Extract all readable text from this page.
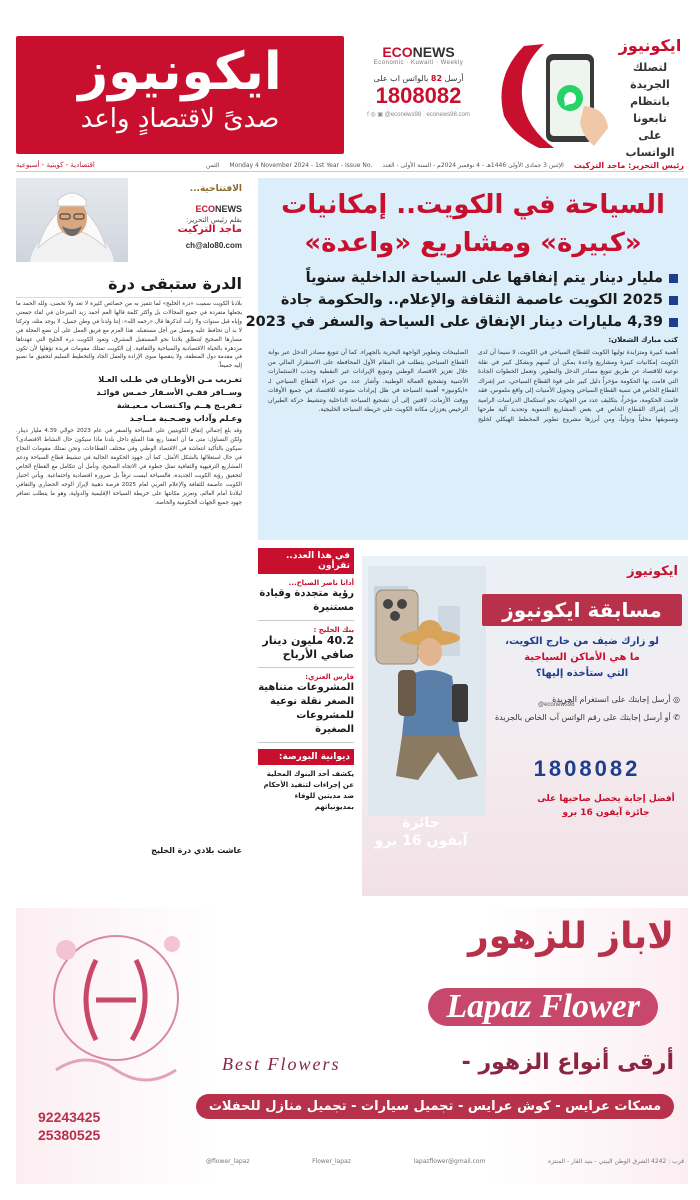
ايكونيوز
صدىً لاقتصادٍ واعد
ECONEWS
Economic · Kuwaiti · Weekly
أرسل 82 بالواتس اب على
1808082
f ◎ ▣ @econews98 · econews98.com
ايكونيوز
لتصلك الجريدة
بانتظام
تابعونا
على الواتساب
رئيس التحرير: ماجد التركيت
الإثنين 3 جمادى الأولى 1446هـ - 4 نوفمبر 2024م - السنة الأولى - العدد
Monday 4 November 2024 - 1st Year - Issue No.
الثمن
اقتصادية - كويتية - أسبوعية
السياحة في الكويت.. إمكانيات
«كبيرة» ومشاريع «واعدة»
مليار دينار يتم إنفاقها على السياحة الداخلية سنوياً
2025 الكويت عاصمة الثقافة والإعلام.. والحكومة جادة
4,39 مليارات دينار الإنفاق على السياحة والسفر في 2023
كتب مبارك الشعلان:
أهمية كبيرة ومتزايدة توليها الكويت للقطاع السياحي في الكويت، لا سيما أن لدى الكويت إمكانيات كبيرة ومشاريع واعدة يمكن أن تُسهم وبشكل كبير في نقلة نوعية للاقتصاد عن طريق تنويع مصادر الدخل والتطوير. وتعمل الخطوات الجادة التي قامت بها الحكومة مؤخراً دليل كبير على قوة القطاع السياحي، عبر إشراك القطاع الخاص في تنمية القطاع السياحي وتحويل الأمنيات إلى واقع ملموس. فقد قامت الحكومة، مؤخراً، بتكليف عدد من الجهات نحو استكمال الدراسات الرامية إلى إشراك القطاع الخاص في بعض المشاريع التنموية وتحديد آلية طرحها وتسويقها محلياً ودولياً، ومن أبرزها مشروع تطوير المخطط الهيكلي لخليج الصليبخات وتطوير الواجهة البحرية بالجهراء. كما أن تنويع مصادر الدخل عبر بوابة القطاع السياحي يتطلب في المقام الأول المحافظة على الاستقرار المالي من خلال تعزيز الاقتصاد الوطني وتنويع الإيرادات غير النفطية وجذب الاستثمارات الأجنبية وتشجيع العمالة الوطنية. وأشار عدد من خبراء القطاع السياحي لـ «ايكونيوز» أهمية السياحة في ظل إيرادات متنوعة للاقتصاد في جميع الأوقات ووقت الأزمات، لافتين إلى أن تشجيع السياحة الداخلية وتنشيط حركة الطيران الرخيص يعززان مكانة الكويت على خريطة السياحة الخليجية.
الافتتاحية...
ECONEWS
بقلم رئيس التحرير:
ماجد التركيت
ch@alo80.com
الدرة ستبقى درة

بلادنا الكويت سميت «درة الخليج» لما تتميز به من خصائص كثيرة لا تعد ولا تحصى، ولله الحمد ما يجعلها متفردة في جميع المجالات بل وأكثر كلمة قالها العم أحمد زيد السرحان في لقاء جمعني وإياه قبل سنوات ولا زلت أتذكرها قال «رحمه الله»: إننا ولدنا في وطن جميل، لا يوجد مثله، وتركنا لا بد أن نحافظ عليه ونعمل من أجل مستقبله. هذا العزم مع فريق العمل على أن نضع العجلة في مسارها الصحيح لتنطلق بلادنا نحو المستقبل المشرق، وتعود الكويت درة الخليج التي عهدناها مزدهرة بالحياة الاقتصادية والسياحية والثقافية. إن الكويت تمتلك مقومات فريدة تؤهلها لأن تكون في مقدمة دول المنطقة، ولا ينقصها سوى الإرادة والعمل الجاد والتخطيط السليم لتحقيق ما نصبو إليه جميعاً.

تغـريب مـن الأوطـان في طـلب العـلا
وســافر ففـي الأسـفار خمـس فوائـد
تـفريـج هــم واكـتسـاب مـعيـشة
وعـلم وآداب وصـحـبة مــاجـد

وقد بلغ إجمالي إنفاق الكويتيين على السياحة والسفر في عام 2023 حوالي 4.39 مليار دينار. ولكن التساؤل: متى ما أن انفقنا ريع هذا المبلغ داخل بلدنا ماذا سيكون حال النشاط الاقتصادي؟ سيكون بالتأكيد انتعاشة في الاقتصاد الوطني وفي مختلف القطاعات، ونحن نمتلك مقومات النجاح في حال استغلالها بالشكل الأمثل. كما أن جهود الحكومة الحالية في تنشيط قطاع السياحة ودعم المشاريع الترفيهية والثقافية تمثل خطوة في الاتجاه الصحيح، ونأمل أن تتكامل مع القطاع الخاص لتحقيق رؤية الكويت الجديدة، فالسياحة ليست ترفاً بل ضرورة اقتصادية واجتماعية. ويأتي اختيار الكويت عاصمة للثقافة والإعلام العربي لعام 2025 فرصة ذهبية لإبراز الوجه الحضاري والثقافي لبلادنا أمام العالم، وتعزيز مكانتها على خريطة السياحة الإقليمية والدولية، وهو ما يتطلب تضافر جهود جميع الجهات الحكومية والخاصة.

عاشت بلادي درة الخليج
في هذا العدد.. تقرأون
أدانا ناصر الصباح...
رؤية متجددة وقيادة مستنيرة
بنك الخليج :
40.2 مليون دينار صافي الأرباح
فارس العنزي:
المشروعات متناهية الصغر نقلة نوعية للمشروعات الصغيرة
ديوانية البورصة:
يكشف أحد البنوك المحلية عن إجراءات لتنفيذ الأحكام ضد مدينين للوفاء بمديونياتهم
ايكونيوز
مسابقة ايكونيوز
لو زارك ضيف من خارج الكويت،
ما هي الأماكن السياحية
التي ستأخذه إليها؟
◎ أرسل إجابتك على انستغرام الجريدة
✆ أو أرسل إجابتك على رقم الواتس آب الخاص بالجريدة
1808082
أفضل إجابة يحصل صاحبها على جائزة آيفون 16 برو
جائزة
آيفون 16 برو
@econews98
لاباز للزهور
Lapaz Flower
أرقى أنواع الزهور -
Best Flowers
مسكات عرايس - كوش عرايس - تجميل سيارات - تجميل منازل للحفلات
92243425
25380525
قرب : 4242 الشرق الوطن البيتي - بنيد القار - المنتزه
lapazflower@gmail.com
Flower_lapaz
@flower_lapaz
